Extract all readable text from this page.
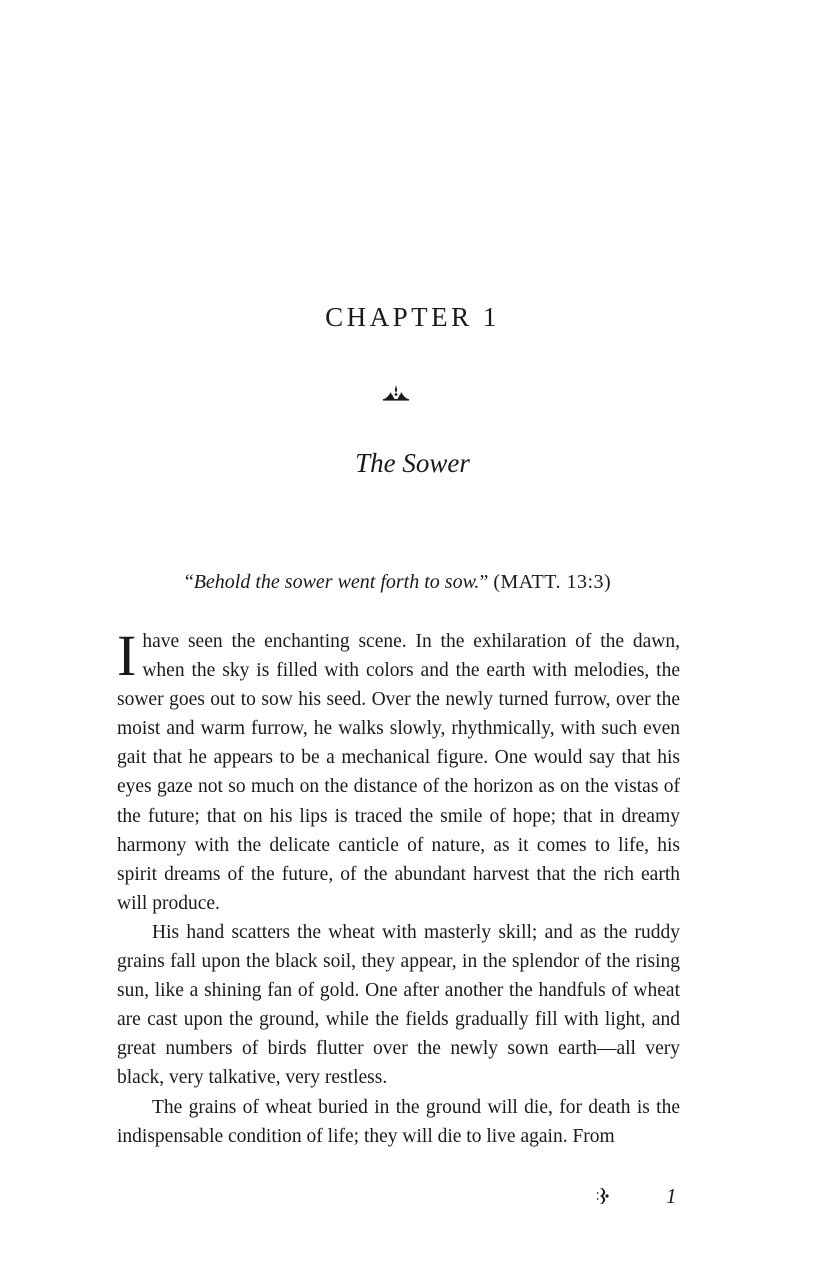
CHAPTER 1
The Sower
“Behold the sower went forth to sow.” (MATT. 13:3)

I have seen the enchanting scene. In the exhilaration of the dawn, when the sky is filled with colors and the earth with melodies, the sower goes out to sow his seed. Over the newly turned furrow, over the moist and warm furrow, he walks slowly, rhythmically, with such even gait that he appears to be a mechanical figure. One would say that his eyes gaze not so much on the distance of the horizon as on the vistas of the future; that on his lips is traced the smile of hope; that in dreamy harmony with the delicate canticle of nature, as it comes to life, his spirit dreams of the future, of the abundant harvest that the rich earth will produce.

His hand scatters the wheat with masterly skill; and as the ruddy grains fall upon the black soil, they appear, in the splendor of the rising sun, like a shining fan of gold. One after another the handfuls of wheat are cast upon the ground, while the fields gradually fill with light, and great numbers of birds flutter over the newly sown earth—all very black, very talkative, very restless.

The grains of wheat buried in the ground will die, for death is the indispensable condition of life; they will die to live again. From

1
